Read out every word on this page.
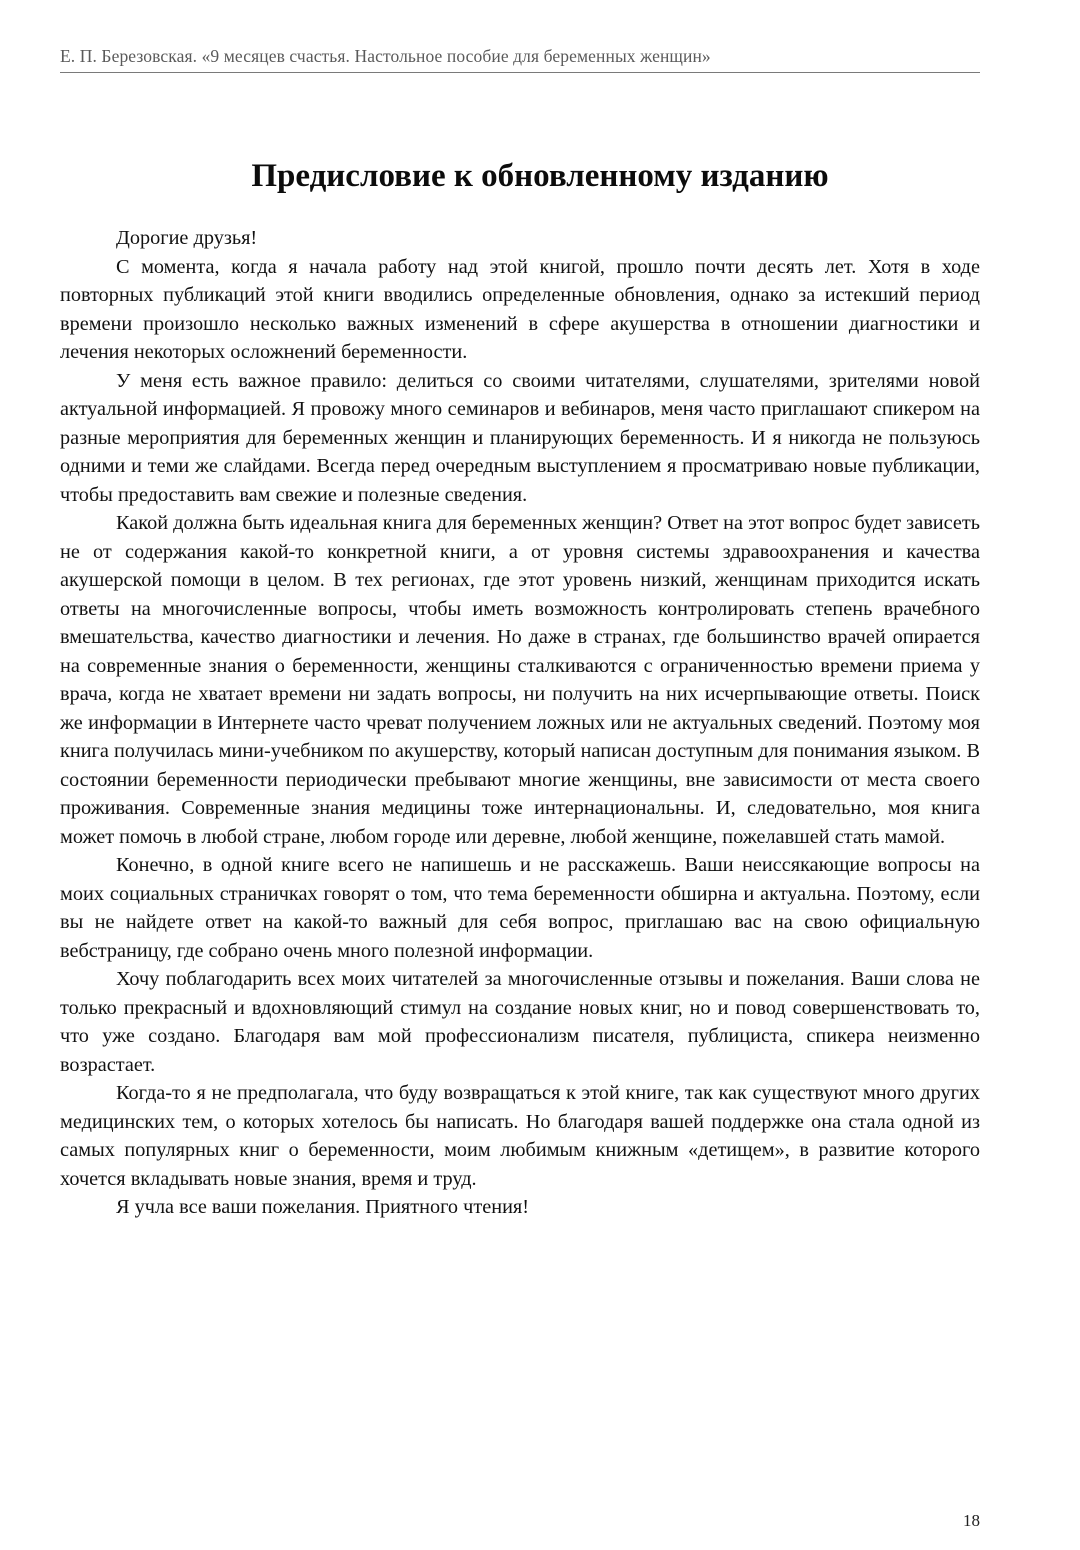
Е. П. Березовская. «9 месяцев счастья. Настольное пособие для беременных женщин»
Предисловие к обновленному изданию

Дорогие друзья!

С момента, когда я начала работу над этой книгой, прошло почти десять лет. Хотя в ходе повторных публикаций этой книги вводились определенные обновления, однако за истекший период времени произошло несколько важных изменений в сфере акушерства в отношении диагностики и лечения некоторых осложнений беременности.

У меня есть важное правило: делиться со своими читателями, слушателями, зрителями новой актуальной информацией. Я провожу много семинаров и вебинаров, меня часто приглашают спикером на разные мероприятия для беременных женщин и планирующих беременность. И я никогда не пользуюсь одними и теми же слайдами. Всегда перед очередным выступлением я просматриваю новые публикации, чтобы предоставить вам свежие и полезные сведения.

Какой должна быть идеальная книга для беременных женщин? Ответ на этот вопрос будет зависеть не от содержания какой-то конкретной книги, а от уровня системы здравоохранения и качества акушерской помощи в целом. В тех регионах, где этот уровень низкий, женщинам приходится искать ответы на многочисленные вопросы, чтобы иметь возможность контролировать степень врачебного вмешательства, качество диагностики и лечения. Но даже в странах, где большинство врачей опирается на современные знания о беременности, женщины сталкиваются с ограниченностью времени приема у врача, когда не хватает времени ни задать вопросы, ни получить на них исчерпывающие ответы. Поиск же информации в Интернете часто чреват получением ложных или не актуальных сведений. Поэтому моя книга получилась мини-учебником по акушерству, который написан доступным для понимания языком. В состоянии беременности периодически пребывают многие женщины, вне зависимости от места своего проживания. Современные знания медицины тоже интернациональны. И, следовательно, моя книга может помочь в любой стране, любом городе или деревне, любой женщине, пожелавшей стать мамой.

Конечно, в одной книге всего не напишешь и не расскажешь. Ваши неиссякающие вопросы на моих социальных страничках говорят о том, что тема беременности обширна и актуальна. Поэтому, если вы не найдете ответ на какой-то важный для себя вопрос, приглашаю вас на свою официальную вебстраницу, где собрано очень много полезной информации.

Хочу поблагодарить всех моих читателей за многочисленные отзывы и пожелания. Ваши слова не только прекрасный и вдохновляющий стимул на создание новых книг, но и повод совершенствовать то, что уже создано. Благодаря вам мой профессионализм писателя, публициста, спикера неизменно возрастает.

Когда-то я не предполагала, что буду возвращаться к этой книге, так как существуют много других медицинских тем, о которых хотелось бы написать. Но благодаря вашей поддержке она стала одной из самых популярных книг о беременности, моим любимым книжным «детищем», в развитие которого хочется вкладывать новые знания, время и труд.

Я учла все ваши пожелания. Приятного чтения!

18
